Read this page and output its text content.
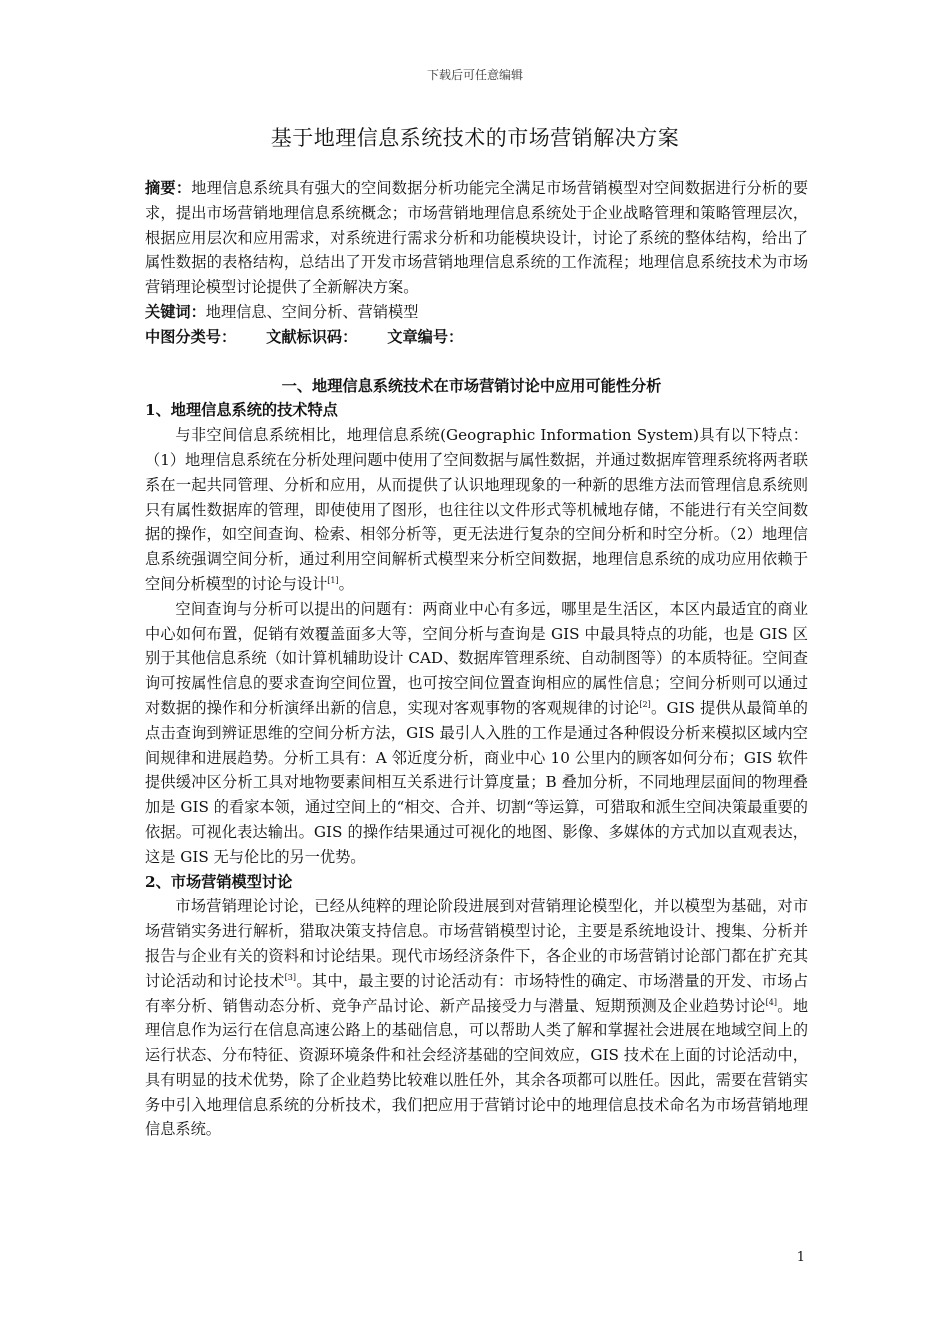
下载后可任意编辑
基于地理信息系统技术的市场营销解决方案

摘要：地理信息系统具有强大的空间数据分析功能完全满足市场营销模型对空间数据进行分析的要求，提出市场营销地理信息系统概念；市场营销地理信息系统处于企业战略管理和策略管理层次，根据应用层次和应用需求，对系统进行需求分析和功能模块设计，讨论了系统的整体结构，给出了属性数据的表格结构，总结出了开发市场营销地理信息系统的工作流程；地理信息系统技术为市场营销理论模型讨论提供了全新解决方案。

关键词：地理信息、空间分析、营销模型

中图分类号： 文献标识码： 文章编号：

一、地理信息系统技术在市场营销讨论中应用可能性分析

1、地理信息系统的技术特点

与非空间信息系统相比，地理信息系统(Geographic Information System)具有以下特点：（1）地理信息系统在分析处理问题中使用了空间数据与属性数据，并通过数据库管理系统将两者联系在一起共同管理、分析和应用，从而提供了认识地理现象的一种新的思维方法而管理信息系统则只有属性数据库的管理，即使使用了图形，也往往以文件形式等机械地存储，不能进行有关空间数据的操作，如空间查询、检索、相邻分析等，更无法进行复杂的空间分析和时空分析。（2）地理信息系统强调空间分析，通过利用空间解析式模型来分析空间数据，地理信息系统的成功应用依赖于空间分析模型的讨论与设计[1]。

空间查询与分析可以提出的问题有：两商业中心有多远，哪里是生活区，本区内最适宜的商业中心如何布置，促销有效覆盖面多大等，空间分析与查询是 GIS 中最具特点的功能，也是 GIS 区别于其他信息系统（如计算机辅助设计 CAD、数据库管理系统、自动制图等）的本质特征。空间查询可按属性信息的要求查询空间位置，也可按空间位置查询相应的属性信息；空间分析则可以通过对数据的操作和分析演绎出新的信息，实现对客观事物的客观规律的讨论[2]。GIS 提供从最简单的点击查询到辨证思维的空间分析方法，GIS 最引人入胜的工作是通过各种假设分析来模拟区域内空间规律和进展趋势。分析工具有：A 邻近度分析，商业中心 10 公里内的顾客如何分布；GIS 软件提供缓冲区分析工具对地物要素间相互关系进行计算度量；B 叠加分析，不同地理层面间的物理叠加是 GIS 的看家本领，通过空间上的“相交、合并、切割“等运算，可猎取和派生空间决策最重要的依据。可视化表达输出。GIS 的操作结果通过可视化的地图、影像、多媒体的方式加以直观表达，这是 GIS 无与伦比的另一优势。

2、市场营销模型讨论

市场营销理论讨论，已经从纯粹的理论阶段进展到对营销理论模型化，并以模型为基础，对市场营销实务进行解析，猎取决策支持信息。市场营销模型讨论，主要是系统地设计、搜集、分析并报告与企业有关的资料和讨论结果。现代市场经济条件下，各企业的市场营销讨论部门都在扩充其讨论活动和讨论技术[3]。其中，最主要的讨论活动有：市场特性的确定、市场潜量的开发、市场占有率分析、销售动态分析、竞争产品讨论、新产品接受力与潜量、短期预测及企业趋势讨论[4]。地理信息作为运行在信息高速公路上的基础信息，可以帮助人类了解和掌握社会进展在地域空间上的运行状态、分布特征、资源环境条件和社会经济基础的空间效应，GIS 技术在上面的讨论活动中，具有明显的技术优势，除了企业趋势比较难以胜任外，其余各项都可以胜任。因此，需要在营销实务中引入地理信息系统的分析技术，我们把应用于营销讨论中的地理信息技术命名为市场营销地理信息系统。

1
